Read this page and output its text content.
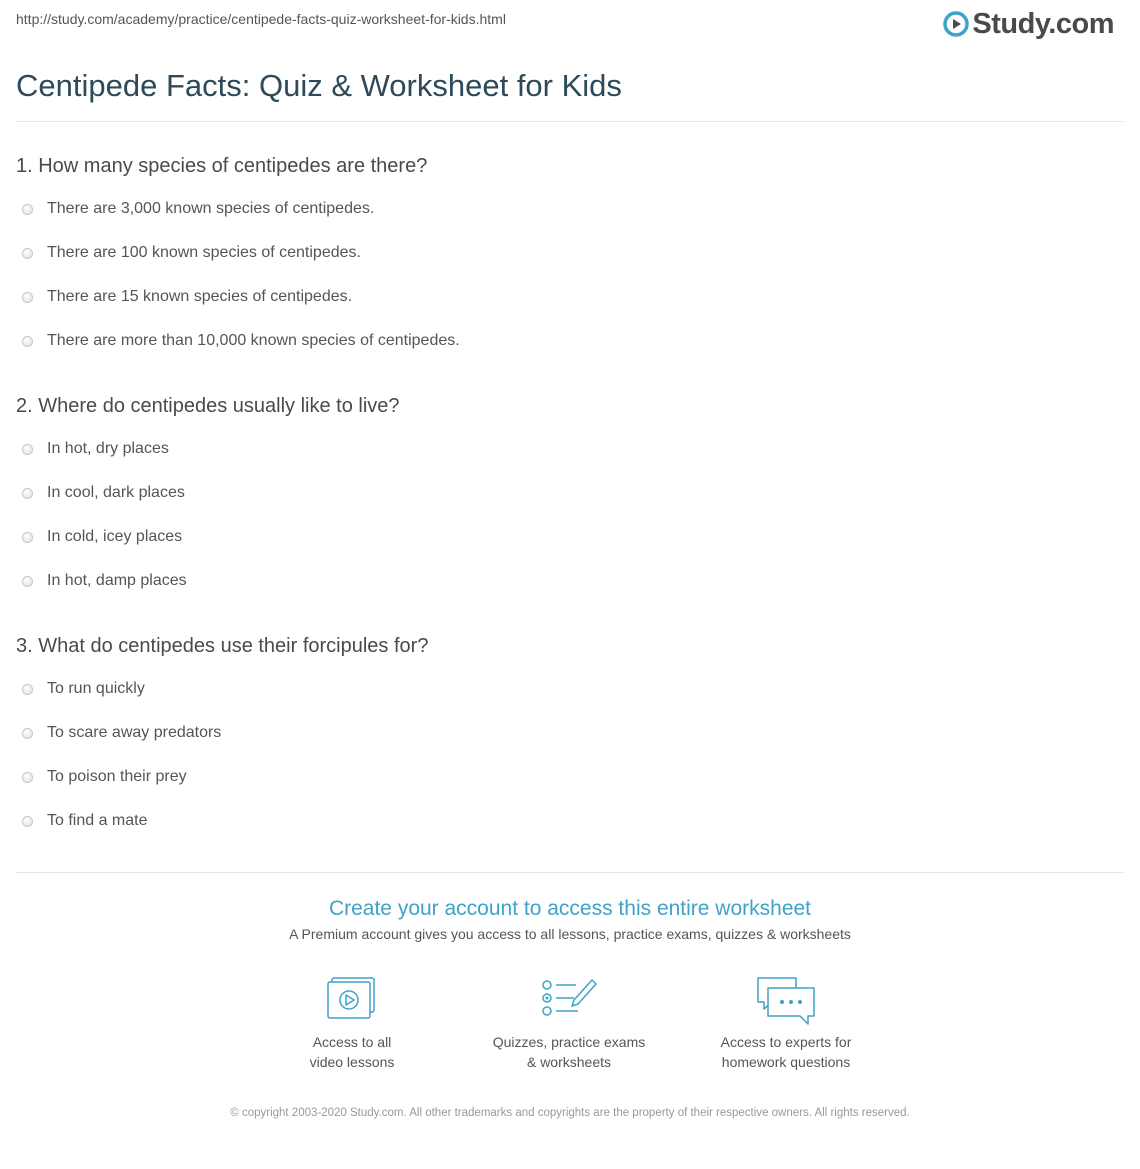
http://study.com/academy/practice/centipede-facts-quiz-worksheet-for-kids.html	Study.com
Centipede Facts: Quiz & Worksheet for Kids
1. How many species of centipedes are there?
There are 3,000 known species of centipedes.
There are 100 known species of centipedes.
There are 15 known species of centipedes.
There are more than 10,000 known species of centipedes.
2. Where do centipedes usually like to live?
In hot, dry places
In cool, dark places
In cold, icey places
In hot, damp places
3. What do centipedes use their forcipules for?
To run quickly
To scare away predators
To poison their prey
To find a mate
Create your account to access this entire worksheet
A Premium account gives you access to all lessons, practice exams, quizzes & worksheets
Access to all
video lessons
Quizzes, practice exams
& worksheets
Access to experts for
homework questions
© copyright 2003-2020 Study.com. All other trademarks and copyrights are the property of their respective owners. All rights reserved.
